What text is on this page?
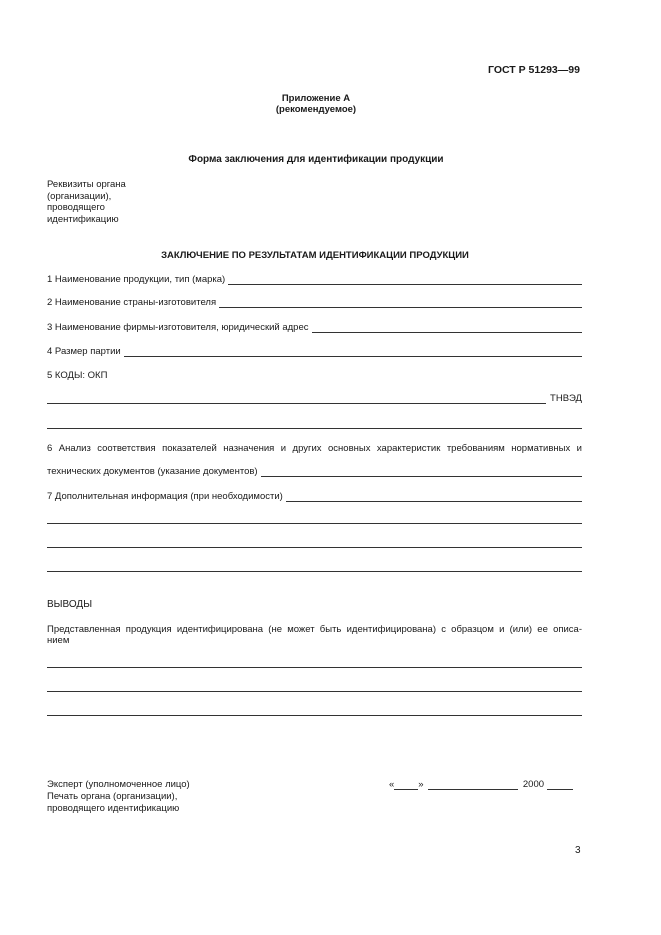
ГОСТ Р 51293—99
Приложение А
(рекомендуемое)
Форма заключения для идентификации продукции
Реквизиты органа
(организации),
проводящего
идентификацию
ЗАКЛЮЧЕНИЕ ПО РЕЗУЛЬТАТАМ ИДЕНТИФИКАЦИИ ПРОДУКЦИИ
1 Наименование продукции, тип (марка)
2 Наименование страны-изготовителя
3 Наименование фирмы-изготовителя, юридический адрес
4 Размер партии
5 КОДЫ: ОКП
ТНВЭД
6 Анализ соответствия показателей назначения и других основных характеристик требованиям нормативных и
технических документов (указание документов)
7 Дополнительная информация (при необходимости)
ВЫВОДЫ
Представленная продукция идентифицирована (не может быть идентифицирована) с образцом и (или) ее описа-
нием
Эксперт (уполномоченное лицо)
Печать органа (организации),
проводящего идентификацию
«	»	2000
3
